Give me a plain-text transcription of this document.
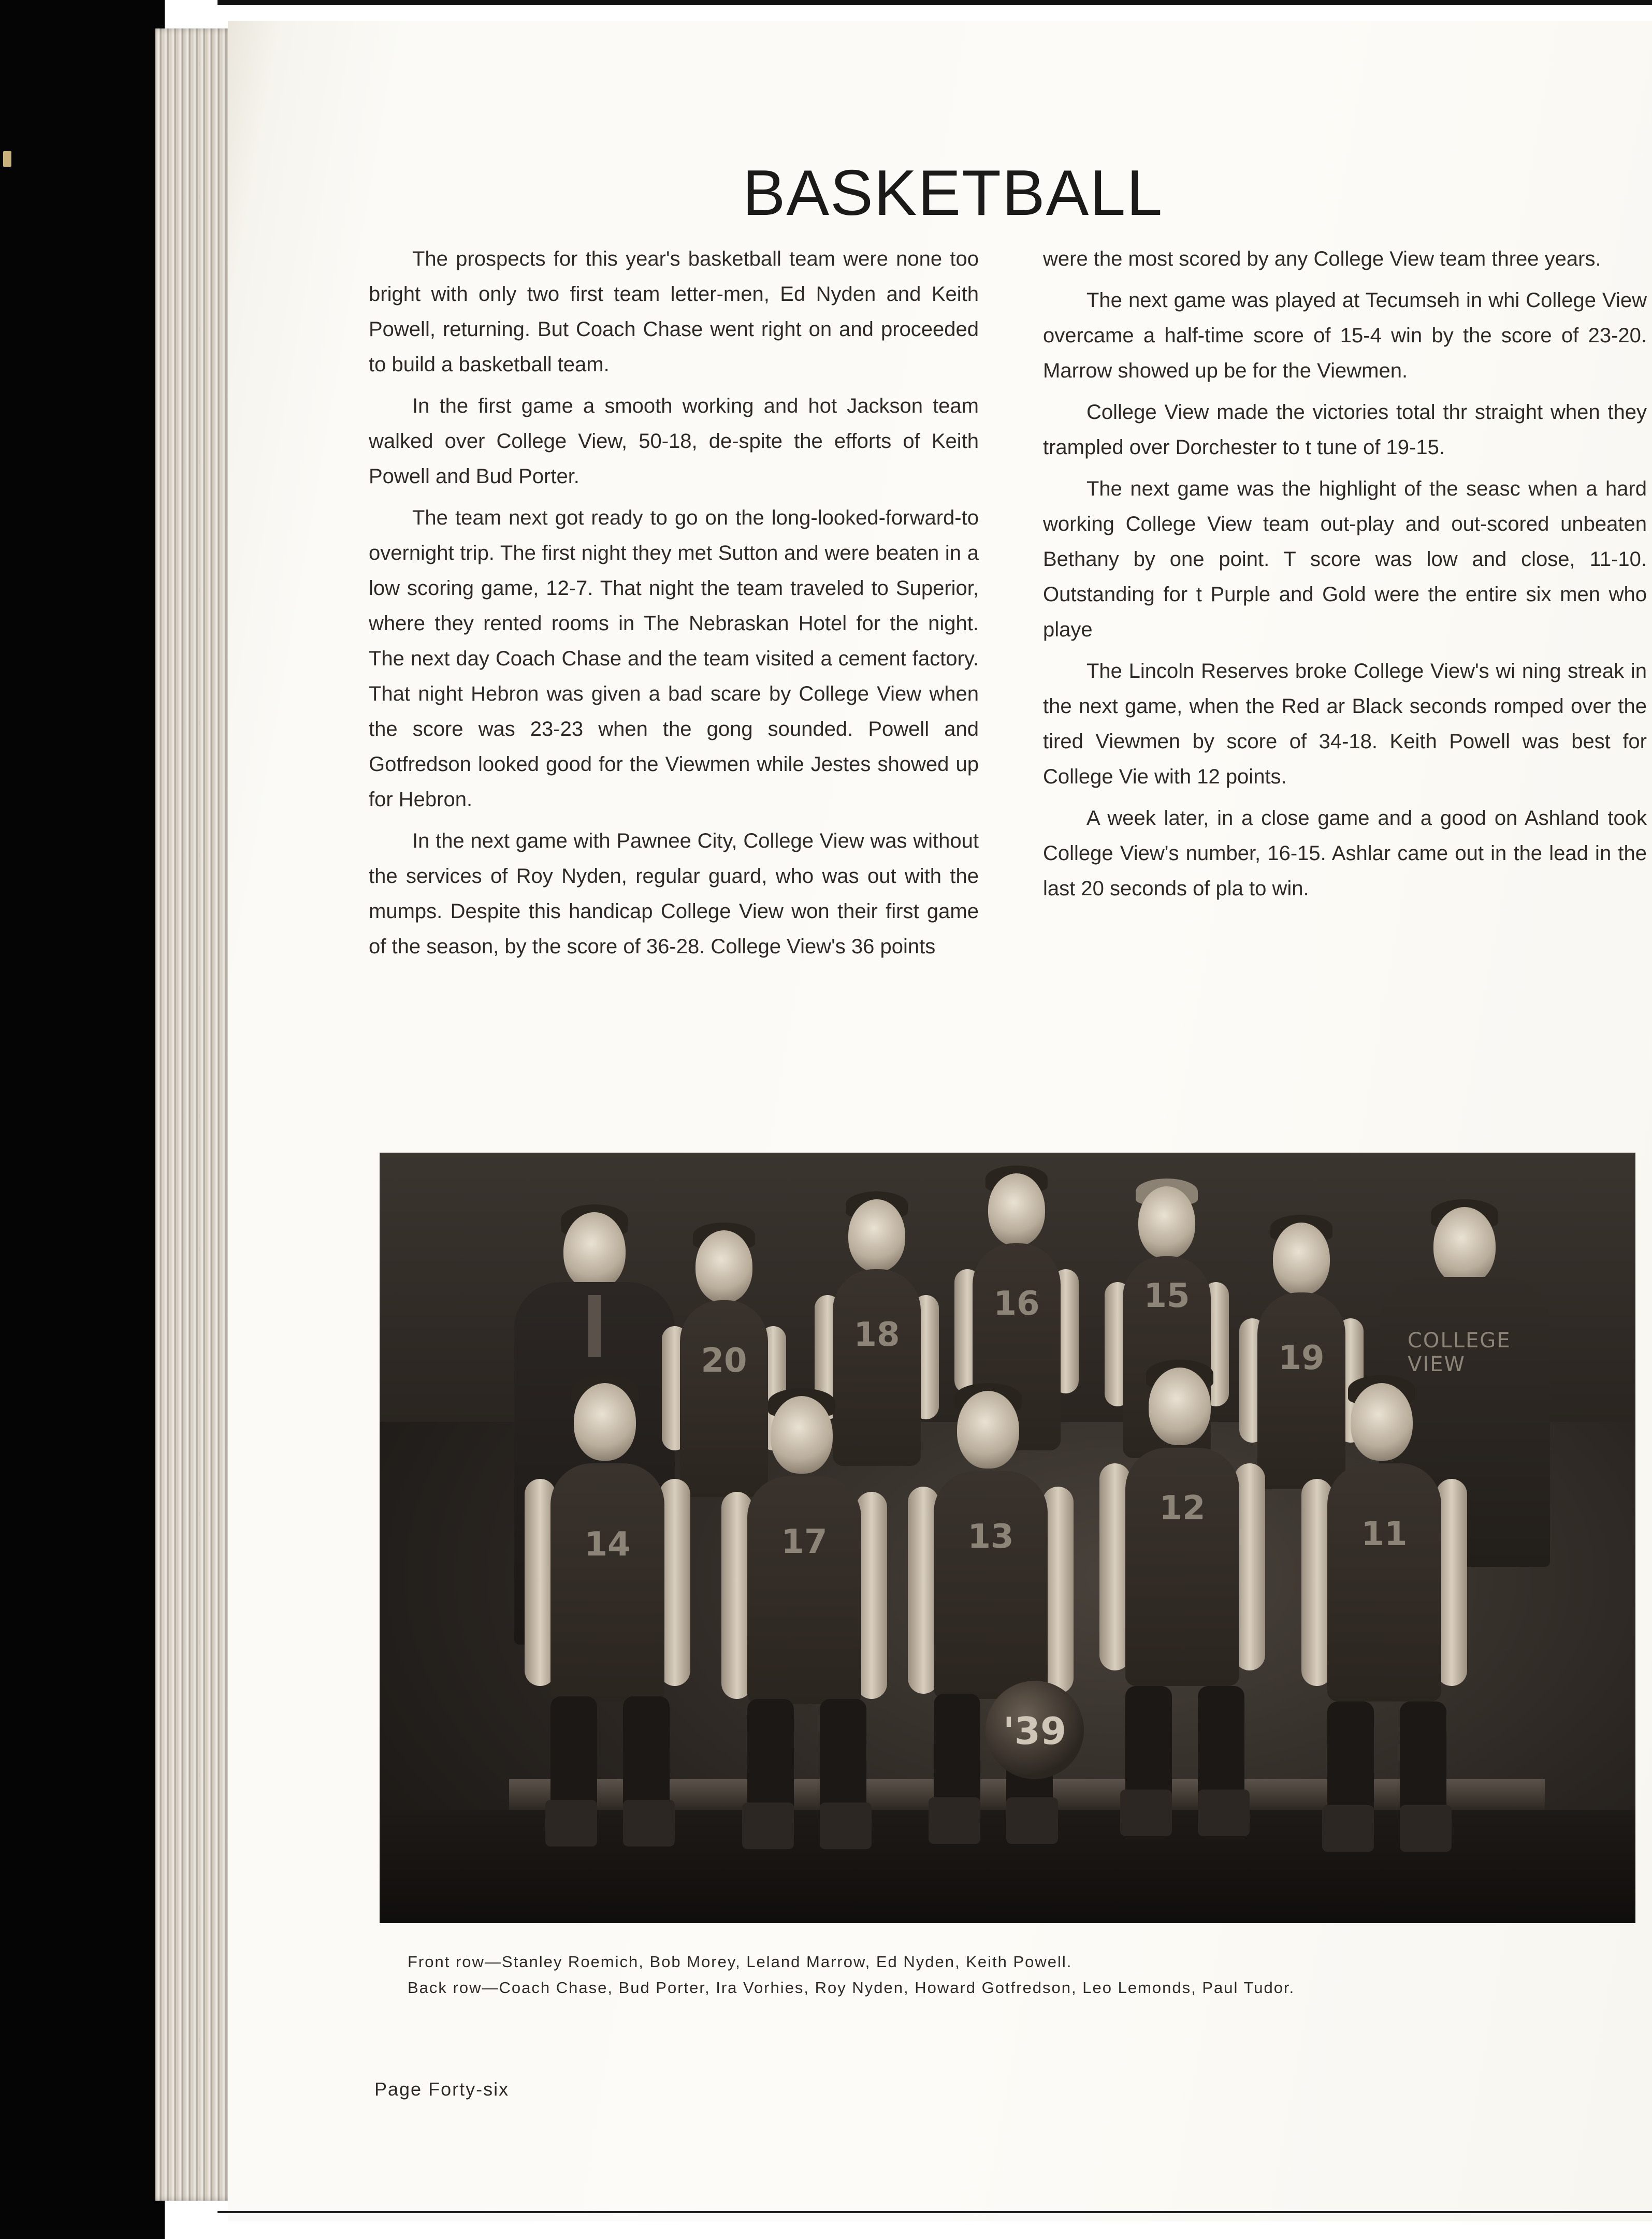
BASKETBALL

The prospects for this year's basketball team were none too bright with only two first team letter-men, Ed Nyden and Keith Powell, returning. But Coach Chase went right on and proceeded to build a basketball team.

In the first game a smooth working and hot Jackson team walked over College View, 50-18, de-spite the efforts of Keith Powell and Bud Porter.

The team next got ready to go on the long-looked-forward-to overnight trip. The first night they met Sutton and were beaten in a low scoring game, 12-7. That night the team traveled to Superior, where they rented rooms in The Nebraskan Hotel for the night. The next day Coach Chase and the team visited a cement factory. That night Hebron was given a bad scare by College View when the score was 23-23 when the gong sounded. Powell and Gotfredson looked good for the Viewmen while Jestes showed up for Hebron.

In the next game with Pawnee City, College View was without the services of Roy Nyden, regular guard, who was out with the mumps. Despite this handicap College View won their first game of the season, by the score of 36-28. College View's 36 points

were the most scored by any College View team three years.

The next game was played at Tecumseh in whi College View overcame a half-time score of 15-4 win by the score of 23-20. Marrow showed up be for the Viewmen.

College View made the victories total thr straight when they trampled over Dorchester to t tune of 19-15.

The next game was the highlight of the seasc when a hard working College View team out-play and out-scored unbeaten Bethany by one point. T score was low and close, 11-10. Outstanding for t Purple and Gold were the entire six men who playe

The Lincoln Reserves broke College View's wi ning streak in the next game, when the Red ar Black seconds romped over the tired Viewmen by score of 34-18. Keith Powell was best for College Vie with 12 points.

A week later, in a close game and a good on Ashland took College View's number, 16-15. Ashlar came out in the lead in the last 20 seconds of pla to win.

20
18
16	15
19	COLLEGE VIEW
14	17	13
12
11
'39
Front row—Stanley Roemich, Bob Morey, Leland Marrow, Ed Nyden, Keith Powell.
Back row—Coach Chase, Bud Porter, Ira Vorhies, Roy Nyden, Howard Gotfredson, Leo Lemonds, Paul Tudor.
Page Forty-six
